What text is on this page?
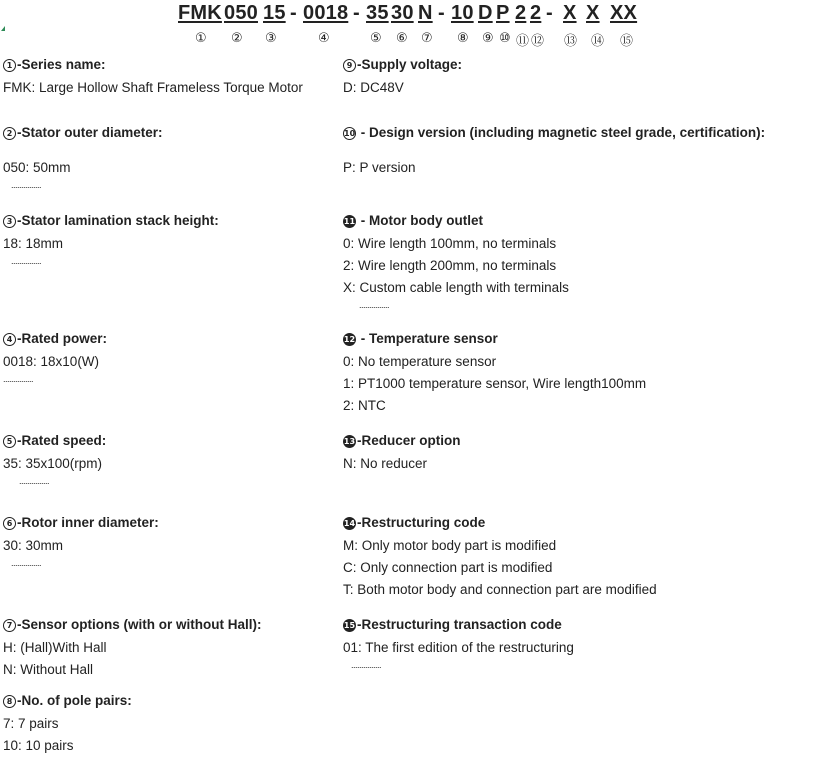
FMK 050 15 - 0018 - 35 30 N - 10 D P 2 2 - X X XX
① ② ③	④	⑤ ⑥ ⑦ ⑧ ⑨ ⑩ ⑪ ⑫ ⑬ ⑭ ⑮
1 -Series name:
FMK: Large Hollow Shaft Frameless Torque Motor
2 -Stator outer diameter:
050: 50mm
...............
3 -Stator lamination stack height:
18: 18mm
...............
4 -Rated power:
0018: 18x10(W)
...............
5 -Rated speed:
35: 35x100(rpm)
...............
6 -Rotor inner diameter:
30: 30mm
...............
7 -Sensor options (with or without Hall):
H: (Hall)With Hall
N: Without Hall
8 -No. of pole pairs:
7: 7 pairs
10: 10 pairs
9 -Supply voltage:
D: DC48V
10 - Design version (including magnetic steel grade, certification):
P: P version
11 - Motor body outlet
0: Wire length 100mm, no terminals
2: Wire length 200mm, no terminals
X: Custom cable length with terminals
...............
12 - Temperature sensor
0: No temperature sensor
1: PT1000 temperature sensor, Wire length100mm
2: NTC
13 -Reducer option
N: No reducer
14 -Restructuring code
M: Only motor body part is modified
C: Only connection part is modified
T: Both motor body and connection part are modified
15 -Restructuring transaction code
01: The first edition of the restructuring
...............
